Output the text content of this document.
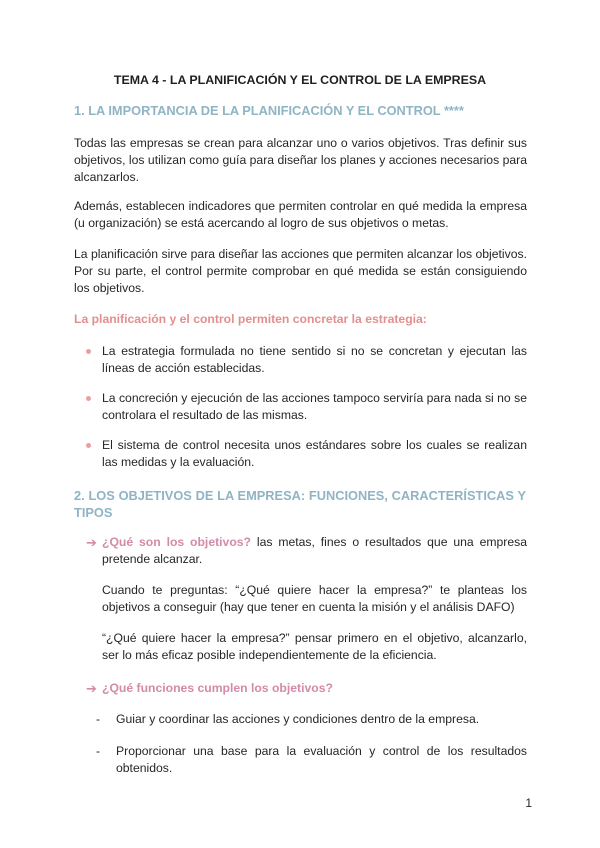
TEMA 4 - LA PLANIFICACIÓN Y EL CONTROL DE LA EMPRESA
1. LA IMPORTANCIA DE LA PLANIFICACIÓN Y EL CONTROL ****
Todas las empresas se crean para alcanzar uno o varios objetivos. Tras definir sus objetivos, los utilizan como guía para diseñar los planes y acciones necesarios para alcanzarlos.
Además, establecen indicadores que permiten controlar en qué medida la empresa (u organización) se está acercando al logro de sus objetivos o metas.
La planificación sirve para diseñar las acciones que permiten alcanzar los objetivos. Por su parte, el control permite comprobar en qué medida se están consiguiendo los objetivos.
La planificación y el control permiten concretar la estrategia:
La estrategia formulada no tiene sentido si no se concretan y ejecutan las líneas de acción establecidas.
La concreción y ejecución de las acciones tampoco serviría para nada si no se controlara el resultado de las mismas.
El sistema de control necesita unos estándares sobre los cuales se realizan las medidas y la evaluación.
2. LOS OBJETIVOS DE LA EMPRESA: FUNCIONES, CARACTERÍSTICAS Y TIPOS
➔ ¿Qué son los objetivos? las metas, fines o resultados que una empresa pretende alcanzar.
Cuando te preguntas: “¿Qué quiere hacer la empresa?” te planteas los objetivos a conseguir (hay que tener en cuenta la misión y el análisis DAFO)
“¿Qué quiere hacer la empresa?” pensar primero en el objetivo, alcanzarlo, ser lo más eficaz posible independientemente de la eficiencia.
➔ ¿Qué funciones cumplen los objetivos?
- Guiar y coordinar las acciones y condiciones dentro de la empresa.
- Proporcionar una base para la evaluación y control de los resultados obtenidos.
1
